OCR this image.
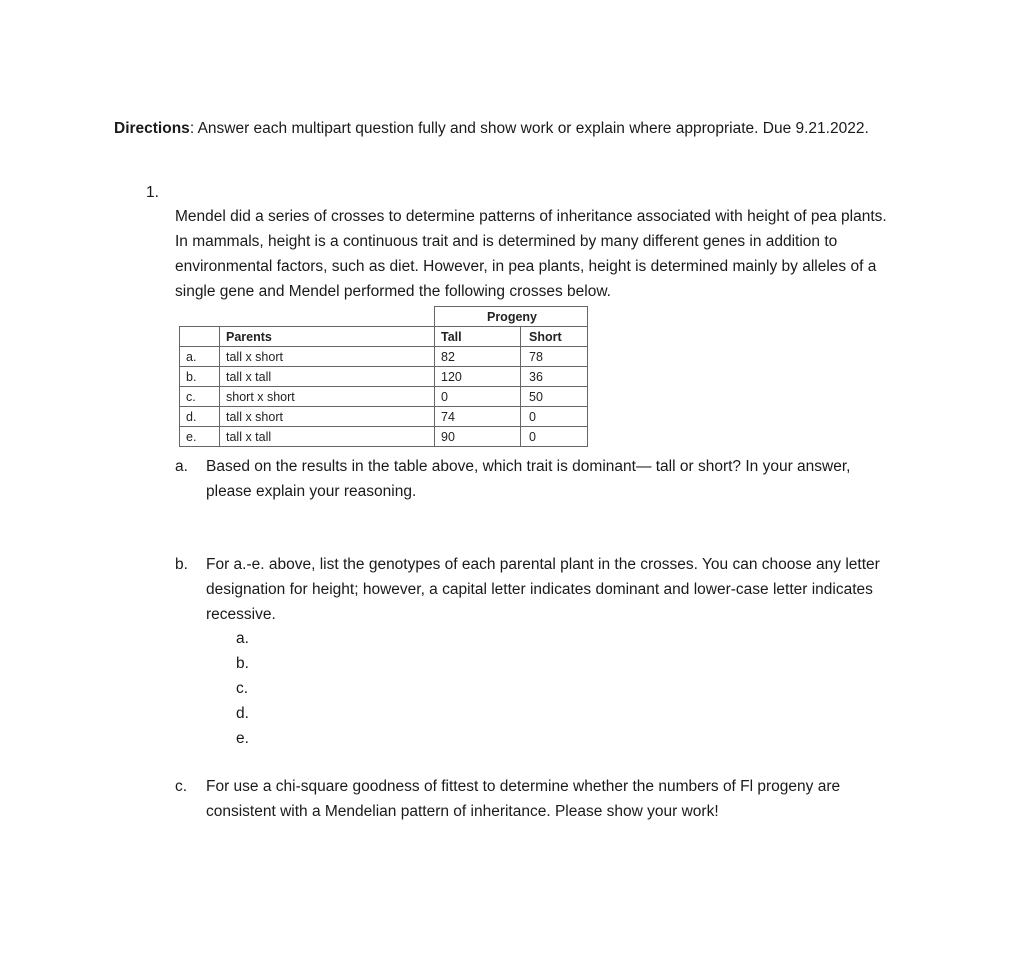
Directions: Answer each multipart question fully and show work or explain where appropriate. Due 9.21.2022.
1.
Mendel did a series of crosses to determine patterns of inheritance associated with height of pea plants. In mammals, height is a continuous trait and is determined by many different genes in addition to environmental factors, such as diet. However, in pea plants, height is determined mainly by alleles of a single gene and Mendel performed the following crosses below.
		Progeny	
	Parents	Tall	Short
a.	tall x short	82	78
b.	tall x tall	120	36
c.	short x short	0	50
d.	tall x short	74	0
e.	tall x tall	90	0
a. Based on the results in the table above, which trait is dominant— tall or short? In your answer, please explain your reasoning.
b. For a.-e. above, list the genotypes of each parental plant in the crosses. You can choose any letter designation for height; however, a capital letter indicates dominant and lower-case letter indicates recessive.
a.
b.
c.
d.
e.
c. For use a chi-square goodness of fittest to determine whether the numbers of Fl progeny are consistent with a Mendelian pattern of inheritance. Please show your work!
